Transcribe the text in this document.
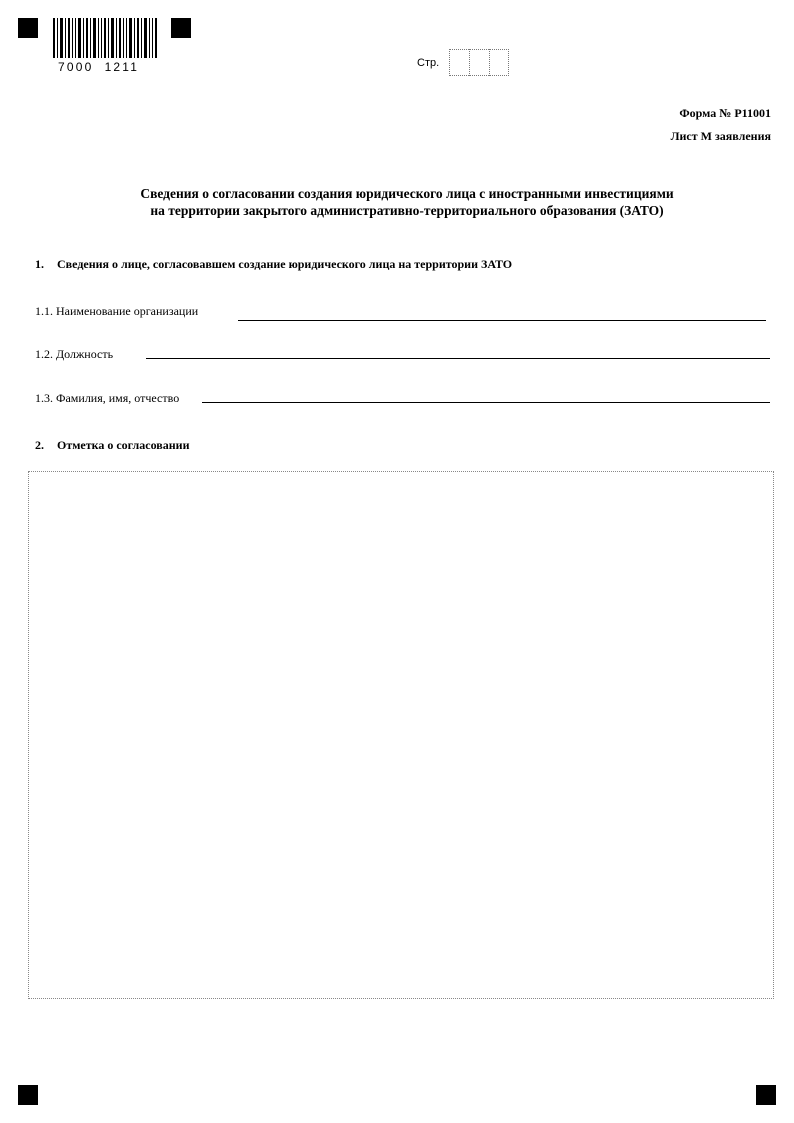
7000  1211	Стр.
Форма № Р11001
Лист М заявления
Сведения о согласовании создания юридического лица с иностранными инвестициями
на территории закрытого административно-территориального образования (ЗАТО)
1. Сведения о лице, согласовавшем создание юридического лица на территории ЗАТО
1.1. Наименование организации
1.2. Должность
1.3. Фамилия, имя, отчество
2. Отметка о согласовании
